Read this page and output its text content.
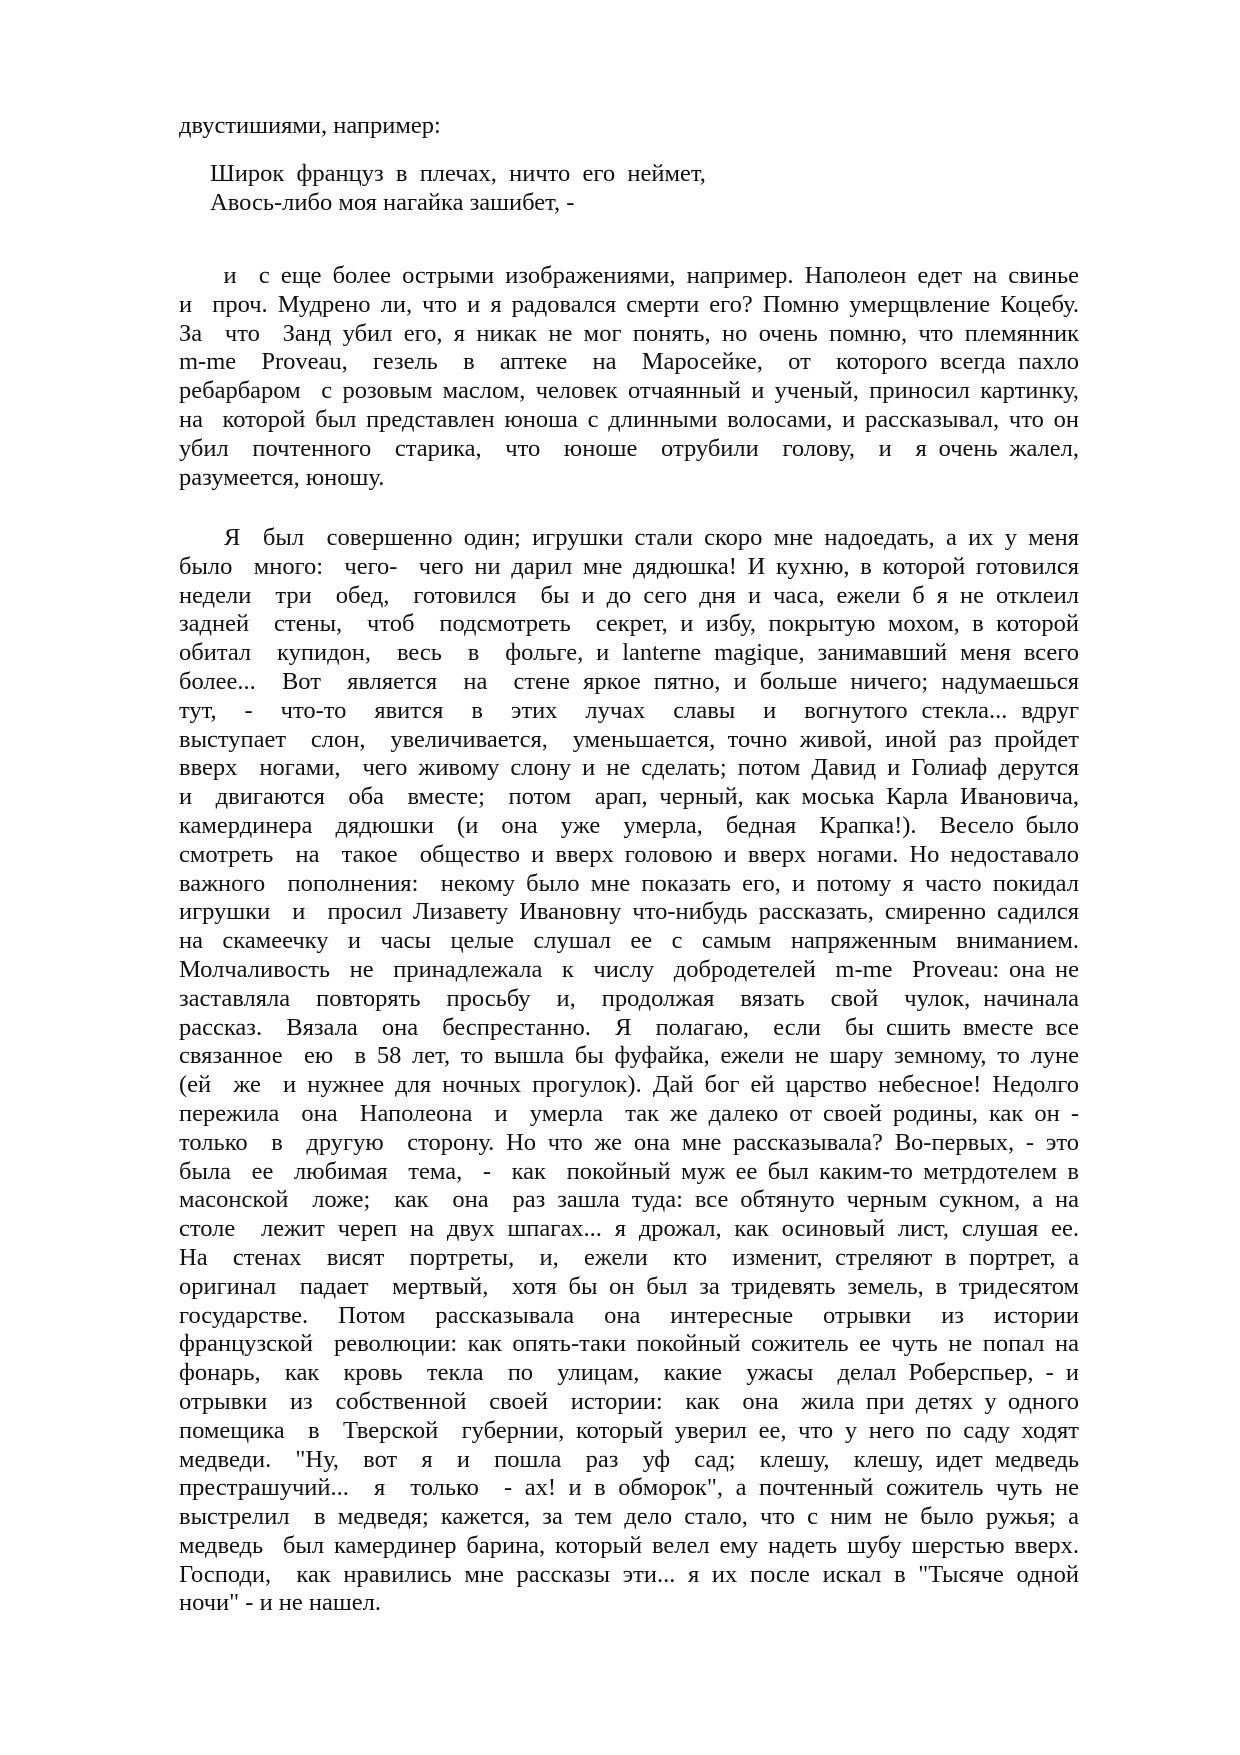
двустишиями, например:
Широк  француз  в  плечах,  ничто  его  неймет,
Авось-либо моя нагайка зашибет, -
и  с еще более острыми изображениями, например. Наполеон едет на свинье
и  проч. Мудрено ли, что и я радовался смерти его? Помню умерщвление Коцебу.
За  что  Занд убил его, я никак не мог понять, но очень помню, что племянник
m-me  Proveau,  гезель  в  аптеке  на  Маросейке,  от  которого всегда пахло
ребарбаром  с розовым маслом, человек отчаянный и ученый, приносил картинку,
на  которой был представлен юноша с длинными волосами, и рассказывал, что он
убил  почтенного  старика,  что  юноше  отрубили  голову,  и  я очень жалел,
разумеется, юношу.
Я  был  совершенно один; игрушки стали скоро мне надоедать, а их у меня
было  много:  чего-  чего ни дарил мне дядюшка! И кухню, в которой готовился
недели  три  обед,  готовился  бы и до сего дня и часа, ежели б я не отклеил
задней  стены,  чтоб  подсмотреть  секрет, и избу, покрытую мохом, в которой
обитал  купидон,  весь  в  фольге, и lanterne magique, занимавший меня всего
более...  Вот  является  на  стене яркое пятно, и больше ничего; надумаешься
тут,  -  что-то  явится  в  этих  лучах  славы  и  вогнутого стекла... вдруг
выступает  слон,  увеличивается,  уменьшается, точно живой, иной раз пройдет
вверх  ногами,  чего живому слону и не сделать; потом Давид и Голиаф дерутся
и  двигаются  оба  вместе;  потом  арап, черный, как моська Карла Ивановича,
камердинера  дядюшки  (и  она  уже  умерла,  бедная  Крапка!).  Весело было
смотреть  на  такое  общество и вверх головою и вверх ногами. Но недоставало
важного  пополнения:  некому было мне показать его, и потому я часто покидал
игрушки  и  просил Лизавету Ивановну что-нибудь рассказать, смиренно садился
на  скамеечку  и  часы  целые  слушал  ее  с  самым  напряженным  вниманием.
Молчаливость  не  принадлежала  к  числу  добродетелей  m-me  Proveau: она не
заставляла  повторять  просьбу  и,  продолжая  вязать  свой  чулок, начинала
рассказ.  Вязала  она  беспрестанно.  Я  полагаю,  если  бы сшить вместе все
связанное  ею  в 58 лет, то вышла бы фуфайка, ежели не шару земному, то луне
(ей  же  и нужнее для ночных прогулок). Дай бог ей царство небесное! Недолго
пережила  она  Наполеона  и  умерла  так же далеко от своей родины, как он -
только  в  другую  сторону. Но что же она мне рассказывала? Во-первых, - это
была  ее  любимая  тема,  -  как  покойный муж ее был каким-то метрдотелем в
масонской  ложе;  как  она  раз зашла туда: все обтянуто черным сукном, а на
столе  лежит череп на двух шпагах... я дрожал, как осиновый лист, слушая ее.
На  стенах  висят  портреты,  и,  ежели  кто  изменит, стреляют в портрет, а
оригинал  падает  мертвый,  хотя бы он был за тридевять земель, в тридесятом
государстве.  Потом  рассказывала  она  интересные  отрывки  из  истории
французской  революции: как опять-таки покойный сожитель ее чуть не попал на
фонарь,  как  кровь  текла  по  улицам,  какие  ужасы  делал Роберспьер, - и
отрывки  из  собственной  своей  истории:  как  она  жила при детях у одного
помещика  в  Тверской  губернии, который уверил ее, что у него по саду ходят
медведи.  "Ну,  вот  я  и  пошла  раз  уф  сад;  клешу,  клешу, идет медведь
престрашучий...  я  только  - ах! и в обморок", а почтенный сожитель чуть не
выстрелил  в медведя; кажется, за тем дело стало, что с ним не было ружья; а
медведь  был камердинер барина, который велел ему надеть шубу шерстью вверх.
Господи,  как нравились мне рассказы эти... я их после искал в "Тысяче одной
ночи" - и не нашел.
